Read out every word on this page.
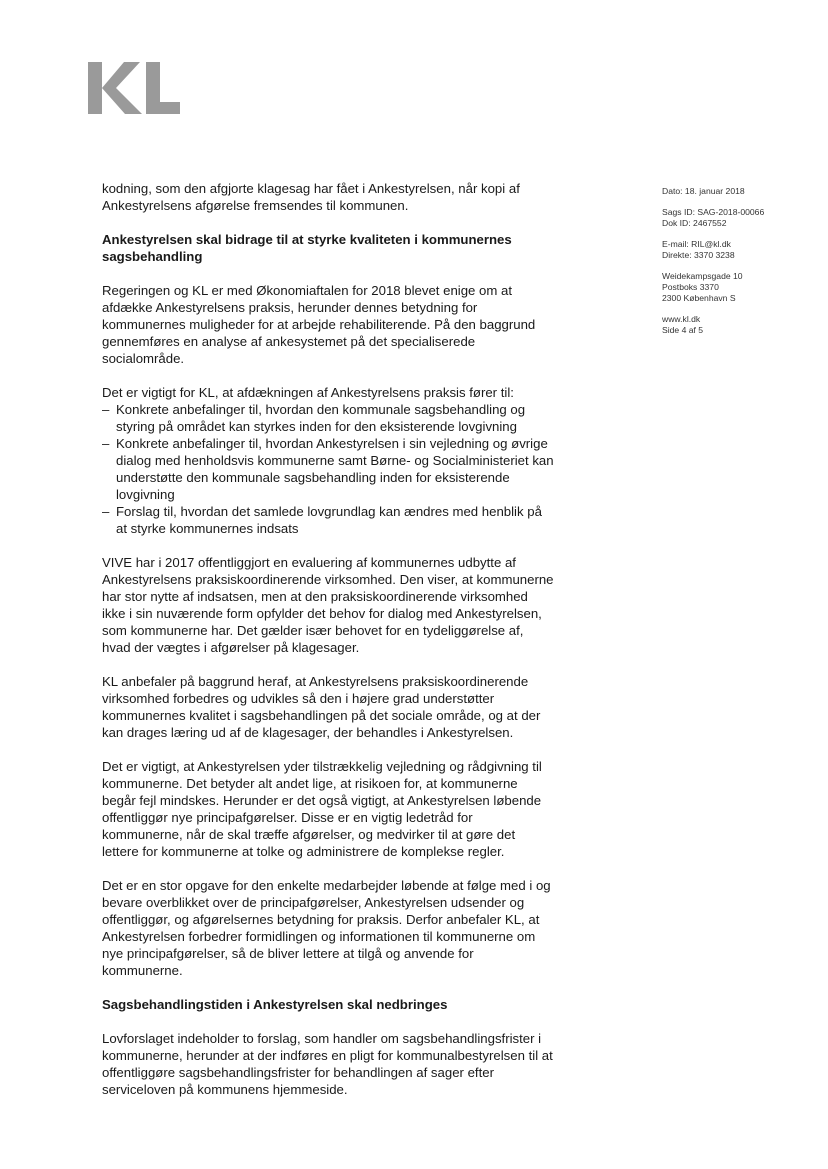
kodning, som den afgjorte klagesag har fået i Ankestyrelsen, når kopi af Ankestyrelsens afgørelse fremsendes til kommunen.

Ankestyrelsen skal bidrage til at styrke kvaliteten i kommunernes sagsbehandling

Regeringen og KL er med Økonomiaftalen for 2018 blevet enige om at afdække Ankestyrelsens praksis, herunder dennes betydning for kommunernes muligheder for at arbejde rehabiliterende. På den baggrund gennemføres en analyse af ankesystemet på det specialiserede socialområde.

Det er vigtigt for KL, at afdækningen af Ankestyrelsens praksis fører til:

– Konkrete anbefalinger til, hvordan den kommunale sagsbehandling og styring på området kan styrkes inden for den eksisterende lovgivning
– Konkrete anbefalinger til, hvordan Ankestyrelsen i sin vejledning og øvrige dialog med henholdsvis kommunerne samt Børne- og Socialministeriet kan understøtte den kommunale sagsbehandling inden for eksisterende lovgivning
– Forslag til, hvordan det samlede lovgrundlag kan ændres med henblik på at styrke kommunernes indsats

VIVE har i 2017 offentliggjort en evaluering af kommunernes udbytte af Ankestyrelsens praksiskoordinerende virksomhed. Den viser, at kommunerne har stor nytte af indsatsen, men at den praksiskoordinerende virksomhed ikke i sin nuværende form opfylder det behov for dialog med Ankestyrelsen, som kommunerne har. Det gælder især behovet for en tydeliggørelse af, hvad der vægtes i afgørelser på klagesager.

KL anbefaler på baggrund heraf, at Ankestyrelsens praksiskoordinerende virksomhed forbedres og udvikles så den i højere grad understøtter kommunernes kvalitet i sagsbehandlingen på det sociale område, og at der kan drages læring ud af de klagesager, der behandles i Ankestyrelsen.

Det er vigtigt, at Ankestyrelsen yder tilstrækkelig vejledning og rådgivning til kommunerne. Det betyder alt andet lige, at risikoen for, at kommunerne begår fejl mindskes. Herunder er det også vigtigt, at Ankestyrelsen løbende offentliggør nye principafgørelser. Disse er en vigtig ledetråd for kommunerne, når de skal træffe afgørelser, og medvirker til at gøre det lettere for kommunerne at tolke og administrere de komplekse regler.

Det er en stor opgave for den enkelte medarbejder løbende at følge med i og bevare overblikket over de principafgørelser, Ankestyrelsen udsender og offentliggør, og afgørelsernes betydning for praksis. Derfor anbefaler KL, at Ankestyrelsen forbedrer formidlingen og informationen til kommunerne om nye principafgørelser, så de bliver lettere at tilgå og anvende for kommunerne.

Sagsbehandlingstiden i Ankestyrelsen skal nedbringes

Lovforslaget indeholder to forslag, som handler om sagsbehandlingsfrister i kommunerne, herunder at der indføres en pligt for kommunalbestyrelsen til at offentliggøre sagsbehandlingsfrister for behandlingen af sager efter serviceloven på kommunens hjemmeside.

Dato: 18. januar 2018
Sags ID: SAG-2018-00066
Dok ID: 2467552
E-mail: RIL@kl.dk
Direkte: 3370 3238
Weidekampsgade 10
Postboks 3370
2300 København S
www.kl.dk
Side 4 af 5
